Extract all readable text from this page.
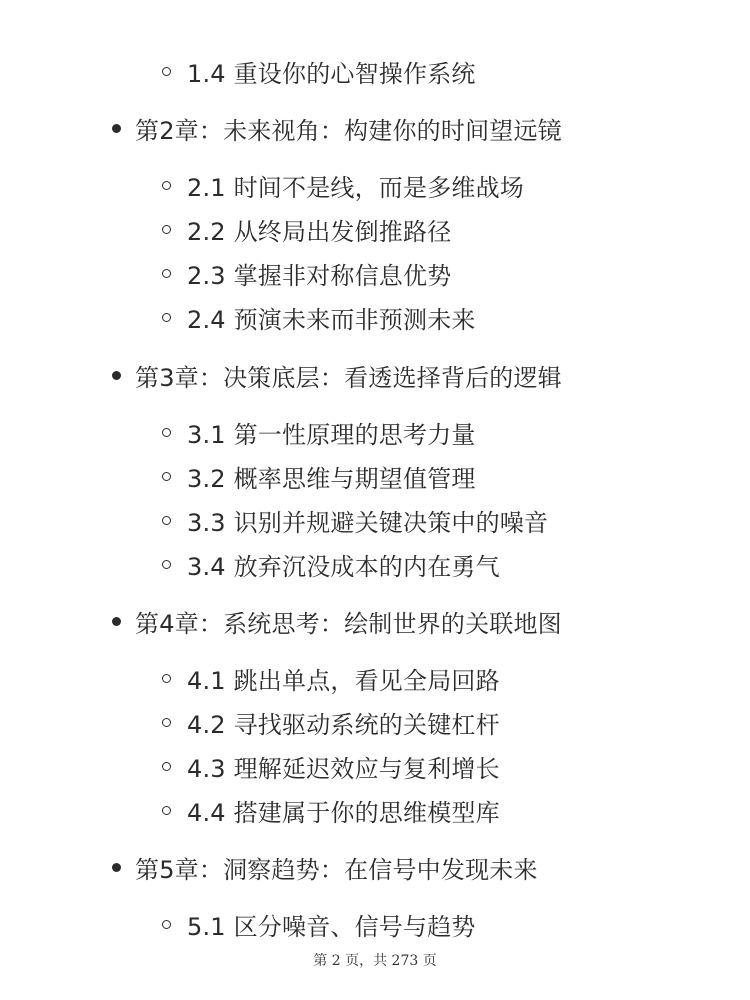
1.4 重设你的心智操作系统
第2章：未来视角：构建你的时间望远镜
2.1 时间不是线，而是多维战场
2.2 从终局出发倒推路径
2.3 掌握非对称信息优势
2.4 预演未来而非预测未来
第3章：决策底层：看透选择背后的逻辑
3.1 第一性原理的思考力量
3.2 概率思维与期望值管理
3.3 识别并规避关键决策中的噪音
3.4 放弃沉没成本的内在勇气
第4章：系统思考：绘制世界的关联地图
4.1 跳出单点，看见全局回路
4.2 寻找驱动系统的关键杠杆
4.3 理解延迟效应与复利增长
4.4 搭建属于你的思维模型库
第5章：洞察趋势：在信号中发现未来
5.1 区分噪音、信号与趋势
第 2 页，共 273 页
